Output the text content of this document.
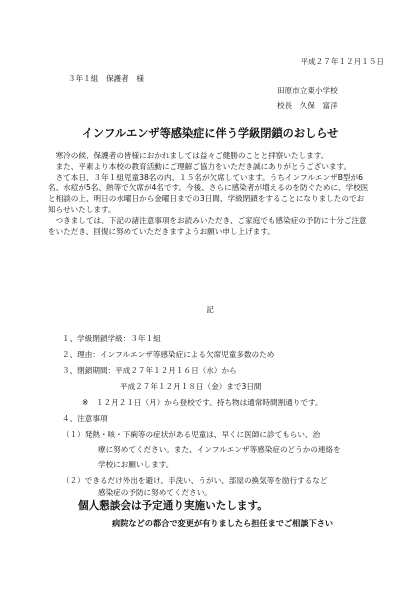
平成２７年１２月１５日
３年１組　保護者　様
田原市立東小学校
校長　久保　富洋
インフルエンザ等感染症に伴う学級閉鎖のおしらせ

寒冷の候、保護者の皆様におかれましては益々ご健勝のことと拝察いたします。

また、平素より本校の教育活動にご理解ご協力をいただき誠にありがとうございます。

さて本日、３年１組児童38名の内、１５名が欠席しています。うちインフルエンザB型が6名、水痘が5名、熱等で欠席が4名です。今後、さらに感染者が増えるのを防ぐために、学校医と相談の上、明日の水曜日から金曜日までの3日間、学級閉鎖をすることになりましたのでお知らせいたします。

つきましては、下記の諸注意事項をお読みいただき、ご家庭でも感染症の予防に十分ご注意をいただき、回復に努めていただきますようお願い申し上げます。

記
１、学級閉鎖学級：３年１組
２、理由：インフルエンザ等感染症による欠席児童多数のため
３、閉鎖期間：平成２７年１２月１６日（水）から
平成２７年１２月１８日（金）まで3日間
※　１２月２１日（月）から登校です。持ち物は通常時間割通りです。
４、注意事項
（１）発熱・咳・下痢等の症状がある児童は、早くに医師に診てもらい、治
療に努めてください。また、インフルエンザ等感染症のどうかの連絡を
学校にお願いします。
（２）できるだけ外出を避け、手洗い、うがい、部屋の換気等を励行するなど
感染症の予防に努めてください。
個人懇談会は予定通り実施いたします。
病院などの都合で変更が有りましたら担任までご相談下さい
